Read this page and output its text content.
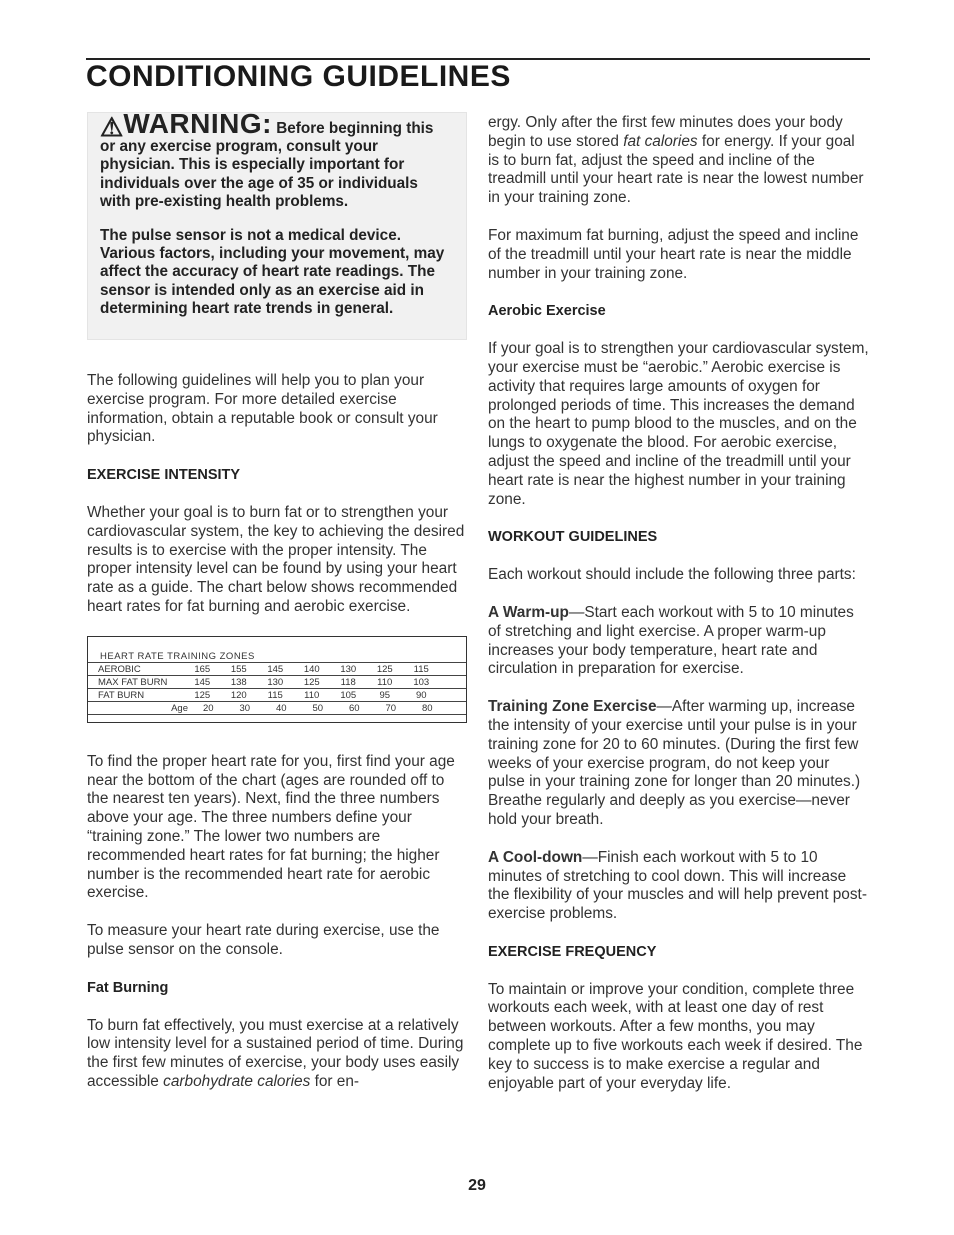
CONDITIONING GUIDELINES

⚠WARNING: Before beginning this or any exercise program, consult your physician. This is especially important for individuals over the age of 35 or individuals with pre-existing health problems.

The pulse sensor is not a medical device. Various factors, including your movement, may affect the accuracy of heart rate readings. The sensor is intended only as an exercise aid in determining heart rate trends in general.

The following guidelines will help you to plan your exercise program. For more detailed exercise information, obtain a reputable book or consult your physician.

EXERCISE INTENSITY

Whether your goal is to burn fat or to strengthen your cardiovascular system, the key to achieving the desired results is to exercise with the proper intensity. The proper intensity level can be found by using your heart rate as a guide. The chart below shows recommended heart rates for fat burning and aerobic exercise.

HEART RATE TRAINING ZONES
AEROBIC	165	155	145	140	130	125	115
MAX FAT BURN	145	138	130	125	118	110	103
FAT BURN	125	120	115	110	105	95	90
Age	20	30	40	50	60	70	80

To find the proper heart rate for you, first find your age near the bottom of the chart (ages are rounded off to the nearest ten years). Next, find the three numbers above your age. The three numbers define your “training zone.” The lower two numbers are recommended heart rates for fat burning; the higher number is the recommended heart rate for aerobic exercise.

To measure your heart rate during exercise, use the pulse sensor on the console.

Fat Burning

To burn fat effectively, you must exercise at a relatively low intensity level for a sustained period of time. During the first few minutes of exercise, your body uses easily accessible carbohydrate calories for en-

ergy. Only after the first few minutes does your body begin to use stored fat calories for energy. If your goal is to burn fat, adjust the speed and incline of the treadmill until your heart rate is near the lowest number in your training zone.

For maximum fat burning, adjust the speed and incline of the treadmill until your heart rate is near the middle number in your training zone.

Aerobic Exercise

If your goal is to strengthen your cardiovascular system, your exercise must be “aerobic.” Aerobic exercise is activity that requires large amounts of oxygen for prolonged periods of time. This increases the demand on the heart to pump blood to the muscles, and on the lungs to oxygenate the blood. For aerobic exercise, adjust the speed and incline of the treadmill until your heart rate is near the highest number in your training zone.

WORKOUT GUIDELINES

Each workout should include the following three parts:

A Warm-up—Start each workout with 5 to 10 minutes of stretching and light exercise. A proper warm-up increases your body temperature, heart rate and circulation in preparation for exercise.

Training Zone Exercise—After warming up, increase the intensity of your exercise until your pulse is in your training zone for 20 to 60 minutes. (During the first few weeks of your exercise program, do not keep your pulse in your training zone for longer than 20 minutes.) Breathe regularly and deeply as you exercise—never hold your breath.

A Cool-down—Finish each workout with 5 to 10 minutes of stretching to cool down. This will increase the flexibility of your muscles and will help prevent post-exercise problems.

EXERCISE FREQUENCY

To maintain or improve your condition, complete three workouts each week, with at least one day of rest between workouts. After a few months, you may complete up to five workouts each week if desired. The key to success is to make exercise a regular and enjoyable part of your everyday life.

29
